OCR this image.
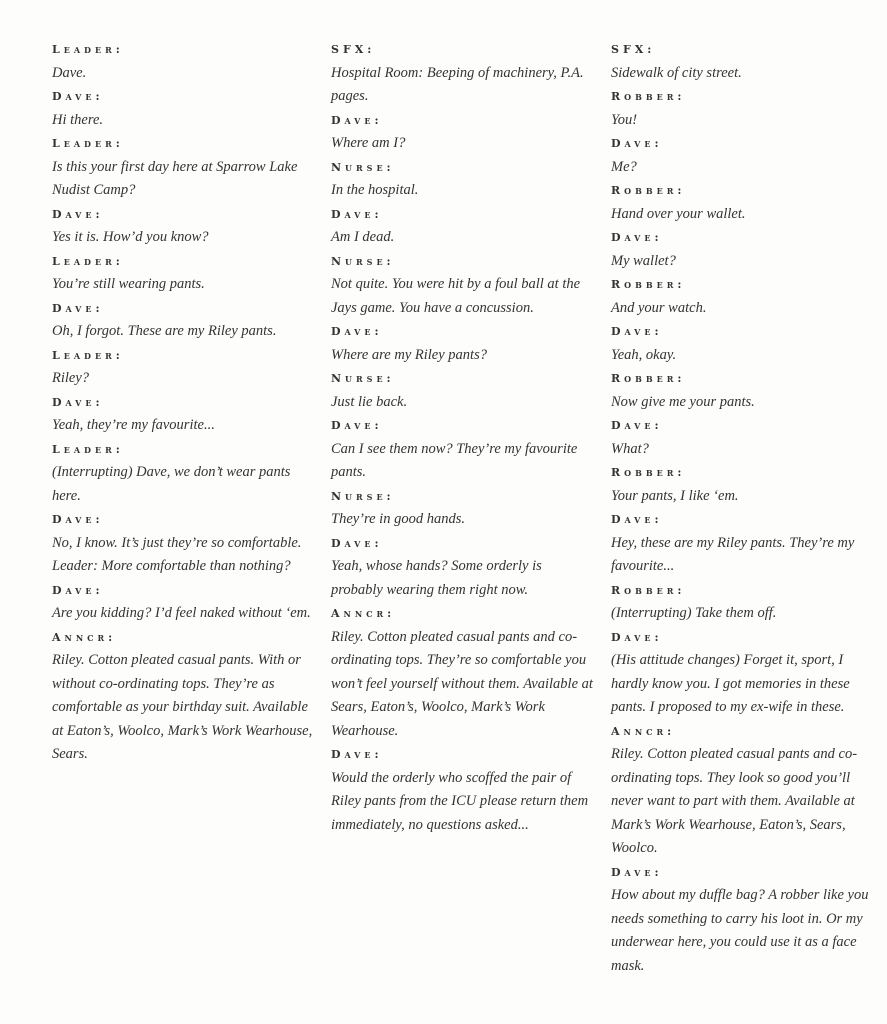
Leader:

Dave.

Dave:

Hi there.

Leader:

Is this your first day here at Sparrow Lake Nudist Camp?

Dave:

Yes it is. How’d you know?

Leader:

You’re still wearing pants.

Dave:

Oh, I forgot. These are my Riley pants.

Leader:

Riley?

Dave:

Yeah, they’re my favourite...

Leader:

(Interrupting) Dave, we don’t wear pants here.

Dave:

No, I know. It’s just they’re so comfortable. Leader: More comfortable than nothing?

Dave:

Are you kidding? I’d feel naked without ‘em.

Anncr:

Riley. Cotton pleated casual pants. With or without co-ordinating tops. They’re as comfortable as your birthday suit. Available at Eaton’s, Woolco, Mark’s Work Wearhouse, Sears.

SFX:

Hospital Room: Beeping of machinery, P.A. pages.

Dave:

Where am I?

Nurse:

In the hospital.

Dave:

Am I dead.

Nurse:

Not quite. You were hit by a foul ball at the Jays game. You have a concussion.

Dave:

Where are my Riley pants?

Nurse:

Just lie back.

Dave:

Can I see them now? They’re my favourite pants.

Nurse:

They’re in good hands.

Dave:

Yeah, whose hands? Some orderly is probably wearing them right now.

Anncr:

Riley. Cotton pleated casual pants and co-ordinating tops. They’re so comfortable you won’t feel yourself without them. Available at Sears, Eaton’s, Woolco, Mark’s Work Wearhouse.

Dave:

Would the orderly who scoffed the pair of Riley pants from the ICU please return them immediately, no questions asked...

SFX:

Sidewalk of city street.

Robber:

You!

Dave:

Me?

Robber:

Hand over your wallet.

Dave:

My wallet?

Robber:

And your watch.

Dave:

Yeah, okay.

Robber:

Now give me your pants.

Dave:

What?

Robber:

Your pants, I like ‘em.

Dave:

Hey, these are my Riley pants. They’re my favourite...

Robber:

(Interrupting) Take them off.

Dave:

(His attitude changes) Forget it, sport, I hardly know you. I got memories in these pants. I proposed to my ex-wife in these.

Anncr:

Riley. Cotton pleated casual pants and co-ordinating tops. They look so good you’ll never want to part with them. Available at Mark’s Work Wearhouse, Eaton’s, Sears, Woolco.

Dave:

How about my duffle bag? A robber like you needs something to carry his loot in. Or my underwear here, you could use it as a face mask.
